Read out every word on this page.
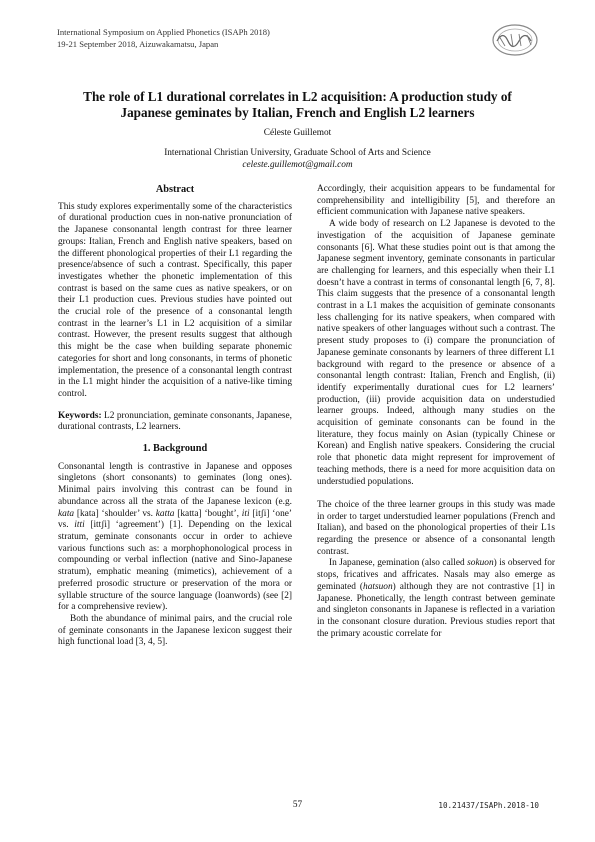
International Symposium on Applied Phonetics (ISAPh 2018)
19-21 September 2018, Aizuwakamatsu, Japan
The role of L1 durational correlates in L2 acquisition: A production study of
Japanese geminates by Italian, French and English L2 learners
Céleste Guillemot
International Christian University, Graduate School of Arts and Science
celeste.guillemot@gmail.com
Abstract

This study explores experimentally some of the characteristics of durational production cues in non-native pronunciation of the Japanese consonantal length contrast for three learner groups: Italian, French and English native speakers, based on the different phonological properties of their L1 regarding the presence/absence of such a contrast. Specifically, this paper investigates whether the phonetic implementation of this contrast is based on the same cues as native speakers, or on their L1 production cues. Previous studies have pointed out the crucial role of the presence of a consonantal length contrast in the learner’s L1 in L2 acquisition of a similar contrast. However, the present results suggest that although this might be the case when building separate phonemic categories for short and long consonants, in terms of phonetic implementation, the presence of a consonantal length contrast in the L1 might hinder the acquisition of a native-like timing control.

Keywords: L2 pronunciation, geminate consonants, Japanese, durational contrasts, L2 learners.

1. Background

Consonantal length is contrastive in Japanese and opposes singletons (short consonants) to geminates (long ones). Minimal pairs involving this contrast can be found in abundance across all the strata of the Japanese lexicon (e.g. kata [kata] ‘shoulder’ vs. katta [katta] ‘bought’, iti [itʃi] ‘one’ vs. itti [ittʃi] ‘agreement’) [1]. Depending on the lexical stratum, geminate consonants occur in order to achieve various functions such as: a morphophonological process in compounding or verbal inflection (native and Sino-Japanese stratum), emphatic meaning (mimetics), achievement of a preferred prosodic structure or preservation of the mora or syllable structure of the source language (loanwords) (see [2] for a comprehensive review).

Both the abundance of minimal pairs, and the crucial role of geminate consonants in the Japanese lexicon suggest their high functional load [3, 4, 5].

Accordingly, their acquisition appears to be fundamental for comprehensibility and intelligibility [5], and therefore an efficient communication with Japanese native speakers.

A wide body of research on L2 Japanese is devoted to the investigation of the acquisition of Japanese geminate consonants [6]. What these studies point out is that among the Japanese segment inventory, geminate consonants in particular are challenging for learners, and this especially when their L1 doesn’t have a contrast in terms of consonantal length [6, 7, 8]. This claim suggests that the presence of a consonantal length contrast in a L1 makes the acquisition of geminate consonants less challenging for its native speakers, when compared with native speakers of other languages without such a contrast. The present study proposes to (i) compare the pronunciation of Japanese geminate consonants by learners of three different L1 background with regard to the presence or absence of a consonantal length contrast: Italian, French and English, (ii) identify experimentally durational cues for L2 learners’ production, (iii) provide acquisition data on understudied learner groups. Indeed, although many studies on the acquisition of geminate consonants can be found in the literature, they focus mainly on Asian (typically Chinese or Korean) and English native speakers. Considering the crucial role that phonetic data might represent for improvement of teaching methods, there is a need for more acquisition data on understudied populations.

The choice of the three learner groups in this study was made in order to target understudied learner populations (French and Italian), and based on the phonological properties of their L1s regarding the presence or absence of a consonantal length contrast.

In Japanese, gemination (also called sokuon) is observed for stops, fricatives and affricates. Nasals may also emerge as geminated (hatsuon) although they are not contrastive [1] in Japanese. Phonetically, the length contrast between geminate and singleton consonants in Japanese is reflected in a variation in the consonant closure duration. Previous studies report that the primary acoustic correlate for

57	10.21437/ISAPh.2018-10
